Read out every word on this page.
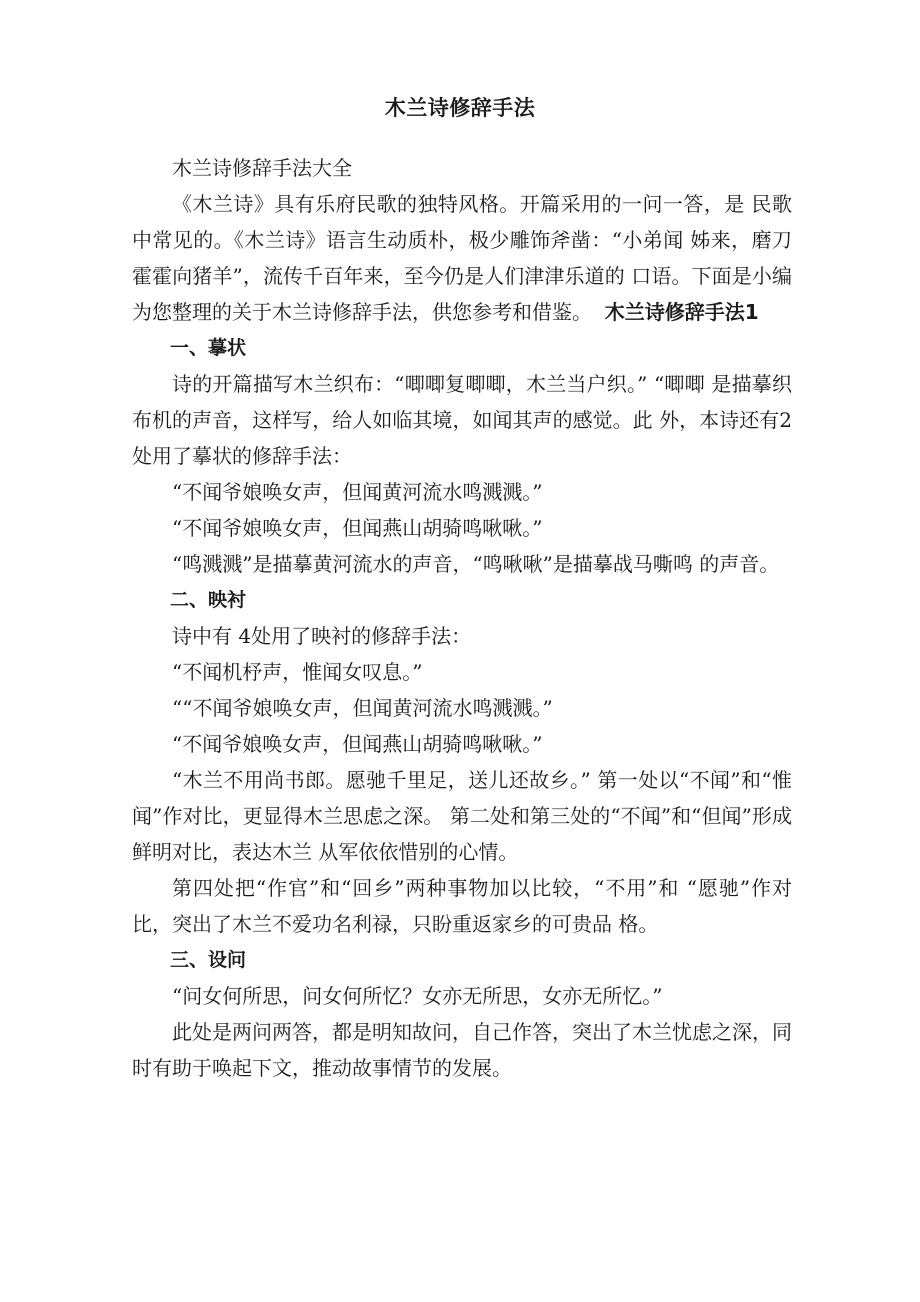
木兰诗修辞手法

木兰诗修辞手法大全

《木兰诗》具有乐府民歌的独特风格。开篇采用的一问一答，是 民歌中常见的。《木兰诗》语言生动质朴，极少雕饰斧凿：“小弟闻 姊来，磨刀霍霍向猪羊”，流传千百年来，至今仍是人们津津乐道的 口语。下面是小编为您整理的关于木兰诗修辞手法，供您参考和借鉴。 木兰诗修辞手法1

一、摹状

诗的开篇描写木兰织布：“唧唧复唧唧，木兰当户织。” “唧唧 是描摹织布机的声音，这样写，给人如临其境，如闻其声的感觉。此 外，本诗还有2 处用了摹状的修辞手法：

“不闻爷娘唤女声，但闻黄河流水鸣溅溅。”

“不闻爷娘唤女声，但闻燕山胡骑鸣啾啾。”

“鸣溅溅”是描摹黄河流水的声音，“鸣啾啾”是描摹战马嘶鸣 的声音。

二、映衬

诗中有 4处用了映衬的修辞手法：

“不闻机杼声，惟闻女叹息。”

““不闻爷娘唤女声，但闻黄河流水鸣溅溅。”

“不闻爷娘唤女声，但闻燕山胡骑鸣啾啾。”

“木兰不用尚书郎。愿驰千里足，送儿还故乡。” 第一处以“不闻”和“惟闻”作对比，更显得木兰思虑之深。 第二处和第三处的“不闻”和“但闻”形成鲜明对比，表达木兰 从军依依惜别的心情。

第四处把“作官”和“回乡”两种事物加以比较，“不用”和 “愿驰”作对比，突出了木兰不爱功名利禄，只盼重返家乡的可贵品 格。

三、设问

“问女何所思，问女何所忆？女亦无所思，女亦无所忆。”

此处是两问两答，都是明知故问，自己作答，突出了木兰忧虑之深，同时有助于唤起下文，推动故事情节的发展。
